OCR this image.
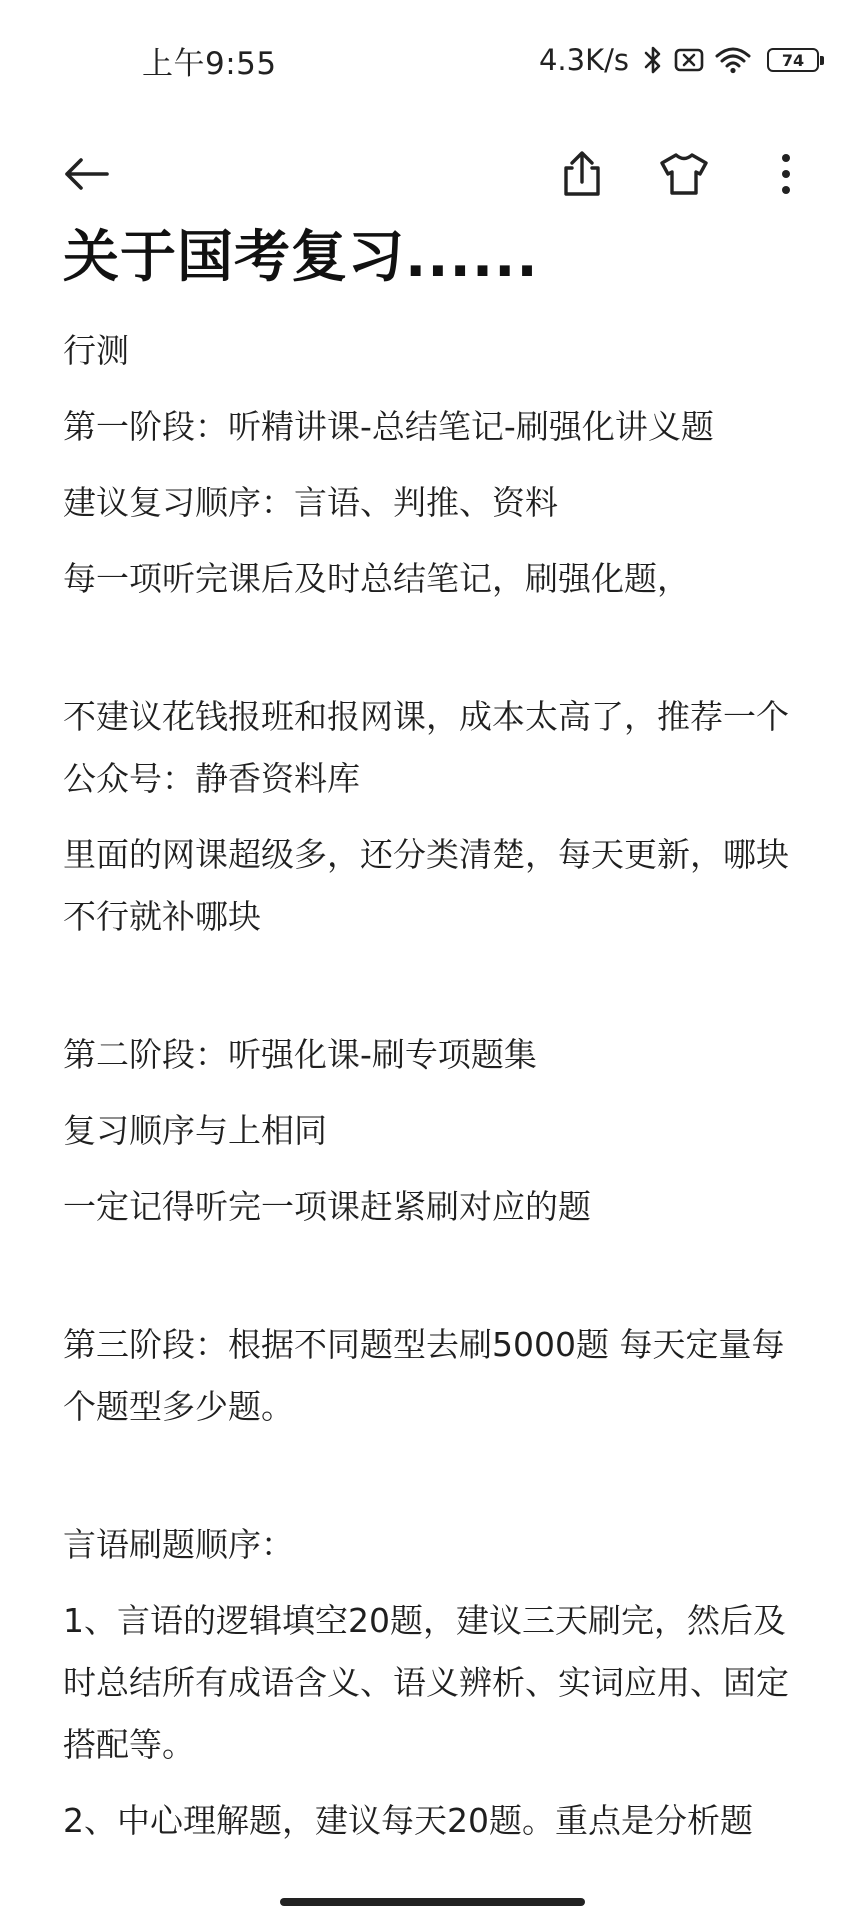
上午9:55	4.3K/s	74
关于国考复习......

行测

第一阶段：听精讲课-总结笔记-刷强化讲义题

建议复习顺序：言语、判推、资料

每一项听完课后及时总结笔记，刷强化题，

不建议花钱报班和报网课，成本太高了，推荐一个公众号：静香资料库

里面的网课超级多，还分类清楚，每天更新，哪块不行就补哪块

第二阶段：听强化课-刷专项题集

复习顺序与上相同

一定记得听完一项课赶紧刷对应的题

第三阶段：根据不同题型去刷5000题 每天定量每个题型多少题。

言语刷题顺序：

1、言语的逻辑填空20题，建议三天刷完，然后及时总结所有成语含义、语义辨析、实词应用、固定搭配等。

2、中心理解题，建议每天20题。重点是分析题
